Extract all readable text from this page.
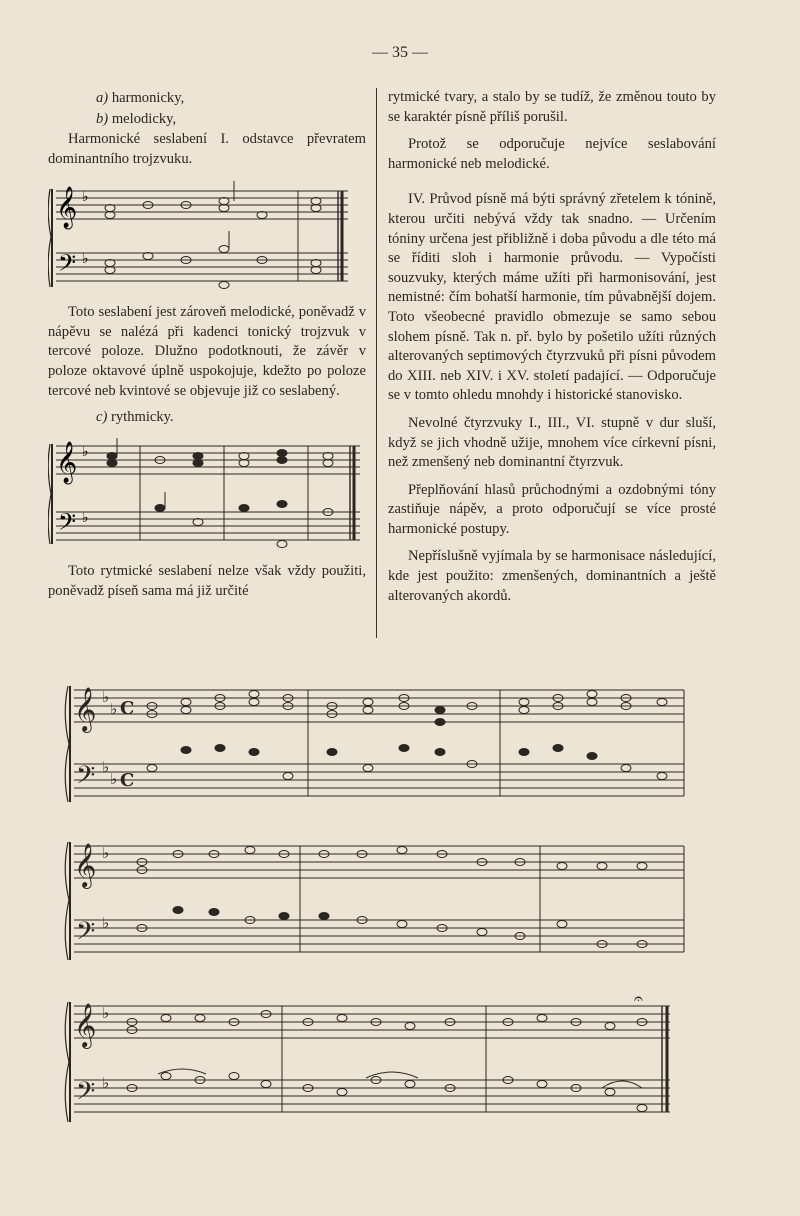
— 35 —
a) harmonicky,
b) melodicky,

Harmonické seslabení I. odstavce převratem dominantního trojzvuku.

𝄞 ♭
𝄢 ♭

Toto seslabení jest zároveň melodické, poněvadž v nápěvu se nalézá při kadenci tonický trojzvuk v tercové poloze. Dlužno podotknouti, že závěr v poloze oktavové úplně uspokojuje, kdežto po poloze tercové neb kvintové se objevuje již co seslabený.

c) rythmicky.
𝄞 ♭
𝄢 ♭

Toto rytmické seslabení nelze však vždy použiti, poněvadž píseň sama má již určité

rytmické tvary, a stalo by se tudíž, že změnou touto by se karaktér písně příliš porušil.

Protož se odporučuje nejvíce seslabování harmonické neb melodické.

IV. Průvod písně má býti správný zřetelem k tónině, kterou určiti nebývá vždy tak snadno. — Určením tóniny určena jest přibližně i doba původu a dle této má se říditi sloh i harmonie průvodu. — Vypočísti souzvuky, kterých máme užíti při harmonisování, jest nemistné: čím bohatší harmonie, tím půvabnější dojem. Toto všeobecné pravidlo obmezuje se samo sebou slohem písně. Tak n. př. bylo by pošetilo užíti různých alterovaných septimových čtyrzvuků při písni původem do XIII. neb XIV. i XV. století padající. — Odporučuje se v tomto ohledu mnohdy i historické stanovisko.

Nevolné čtyrzvuky I., III., VI. stupně v dur sluší, když se jich vhodně užije, mnohem více církevní písni, než zmenšený neb dominantní čtyrzvuk.

Přeplňování hlasů průchodnými a ozdobnými tóny zastiňuje nápěv, a proto odporučují se více prosté harmonické postupy.

Nepříslušně vyjímala by se harmonisace následující, kde jest použito: zmenšených, dominantních a ještě alterovaných akordů.

𝄞 ♭
♭ C
𝄢 ♭
♭ C
𝄞 ♭
𝄢 ♭
𝄞 ♭
𝄢 ♭
𝄐
